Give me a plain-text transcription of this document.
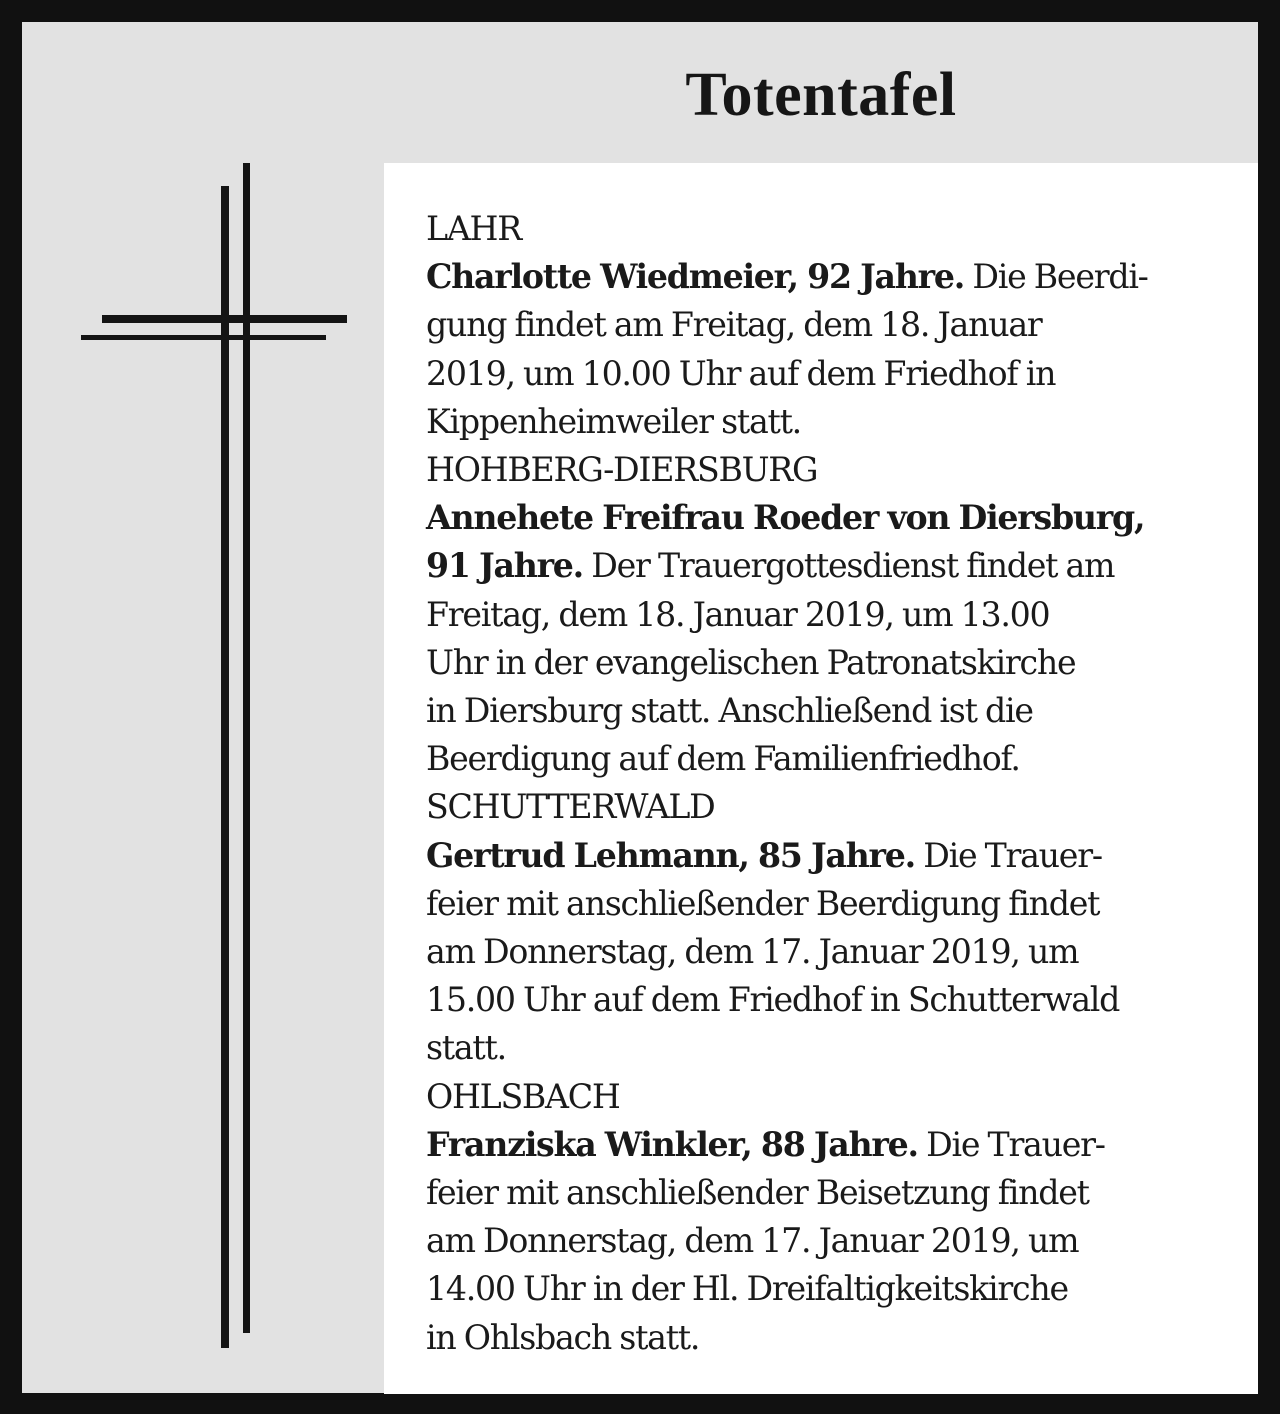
Totentafel
LAHR
Charlotte Wiedmeier, 92 Jahre. Die Beerdi-
gung findet am Freitag, dem 18. Januar
2019, um 10.00 Uhr auf dem Friedhof in
Kippenheimweiler statt.
HOHBERG-DIERSBURG
Annehete Freifrau Roeder von Diersburg,
91 Jahre. Der Trauergottesdienst findet am
Freitag, dem 18. Januar 2019, um 13.00
Uhr in der evangelischen Patronatskirche
in Diersburg statt. Anschließend ist die
Beerdigung auf dem Familienfriedhof.
SCHUTTERWALD
Gertrud Lehmann, 85 Jahre. Die Trauer-
feier mit anschließender Beerdigung findet
am Donnerstag, dem 17. Januar 2019, um
15.00 Uhr auf dem Friedhof in Schutterwald
statt.
OHLSBACH
Franziska Winkler, 88 Jahre. Die Trauer-
feier mit anschließender Beisetzung findet
am Donnerstag, dem 17. Januar 2019, um
14.00 Uhr in der Hl. Dreifaltigkeitskirche
in Ohlsbach statt.
